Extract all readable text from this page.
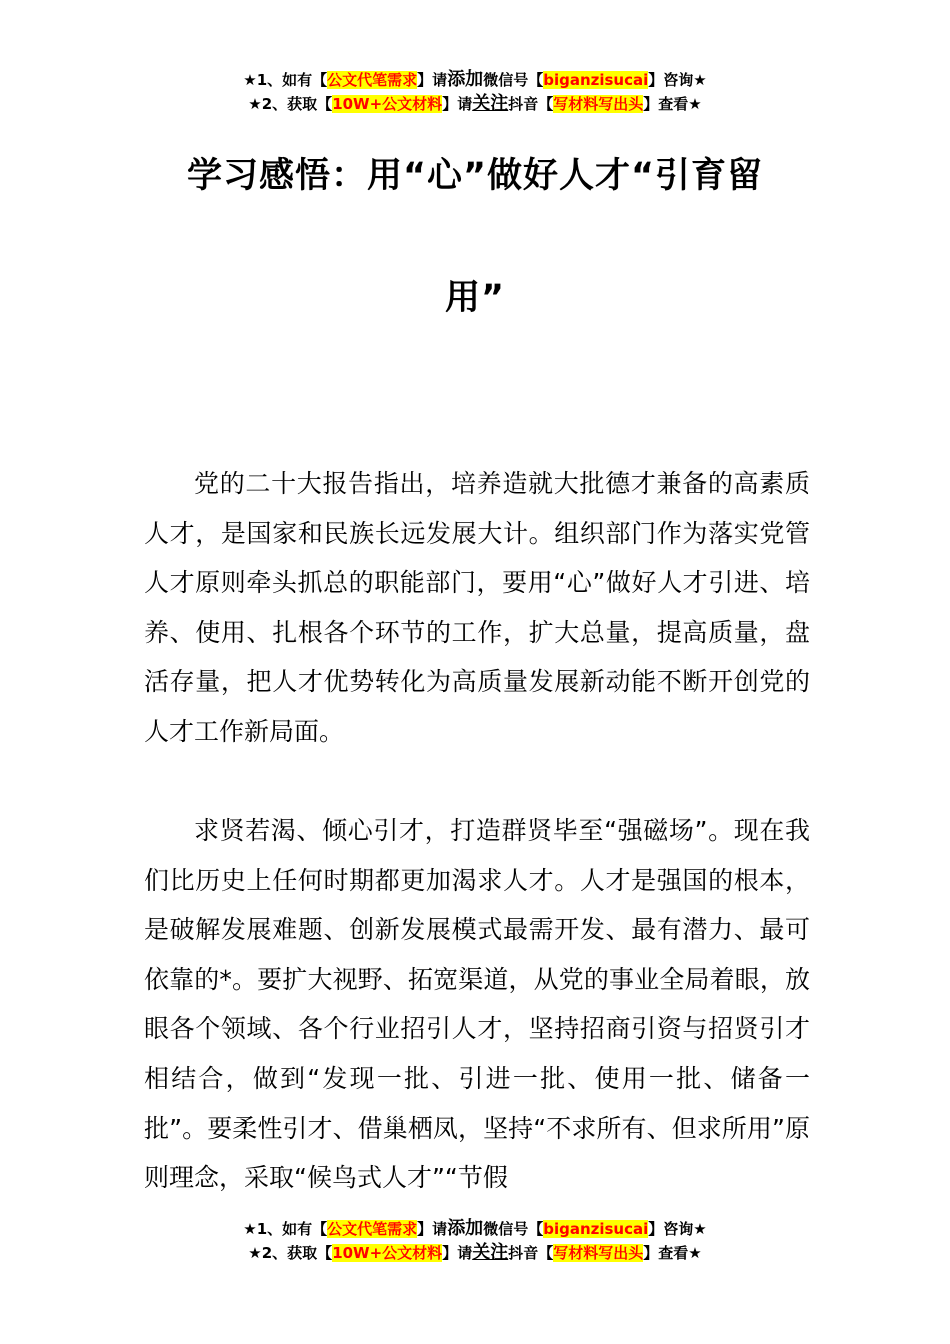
★1、如有【公文代笔需求】请添加微信号【biganzisucai】咨询★
★2、获取【10W+公文材料】请关注抖音【写材料写出头】查看★
学习感悟：用“心”做好人才“引育留
用”

党的二十大报告指出，培养造就大批德才兼备的高素质人才，是国家和民族长远发展大计。组织部门作为落实党管人才原则牵头抓总的职能部门，要用“心”做好人才引进、培养、使用、扎根各个环节的工作，扩大总量，提高质量，盘活存量，把人才优势转化为高质量发展新动能不断开创党的人才工作新局面。

求贤若渴、倾心引才，打造群贤毕至“强磁场”。现在我们比历史上任何时期都更加渴求人才。人才是强国的根本，是破解发展难题、创新发展模式最需开发、最有潜力、最可依靠的*。要扩大视野、拓宽渠道，从党的事业全局着眼，放眼各个领域、各个行业招引人才，坚持招商引资与招贤引才相结合，做到“发现一批、引进一批、使用一批、储备一批”。要柔性引才、借巢栖凤，坚持“不求所有、但求所用”原则理念，采取“候鸟式人才”“节假

★1、如有【公文代笔需求】请添加微信号【biganzisucai】咨询★
★2、获取【10W+公文材料】请关注抖音【写材料写出头】查看★
